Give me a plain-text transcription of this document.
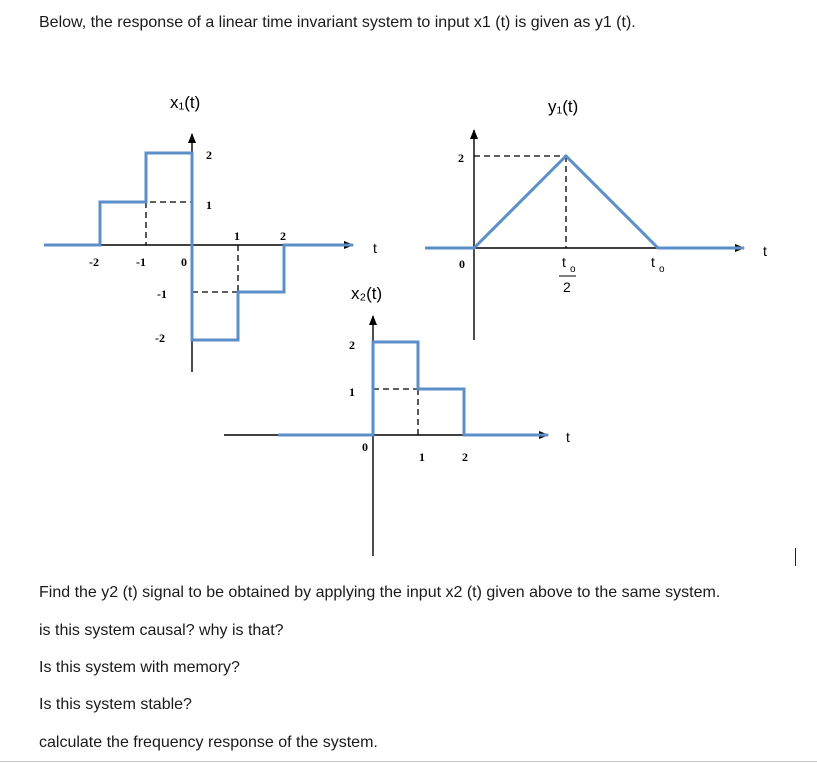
Below, the response of a linear time invariant system to input x1 (t) is given as y1 (t).
x₁(t)
-2	-1	0
1	2
2
1
-1
-2
t
y₁(t)
2
0	t o
2
t o
t
x₂(t)
2
1
0
1	2
t
Find the y2 (t) signal to be obtained by applying the input x2 (t) given above to the same system.
is this system causal? why is that?
Is this system with memory?
Is this system stable?
calculate the frequency response of the system.
